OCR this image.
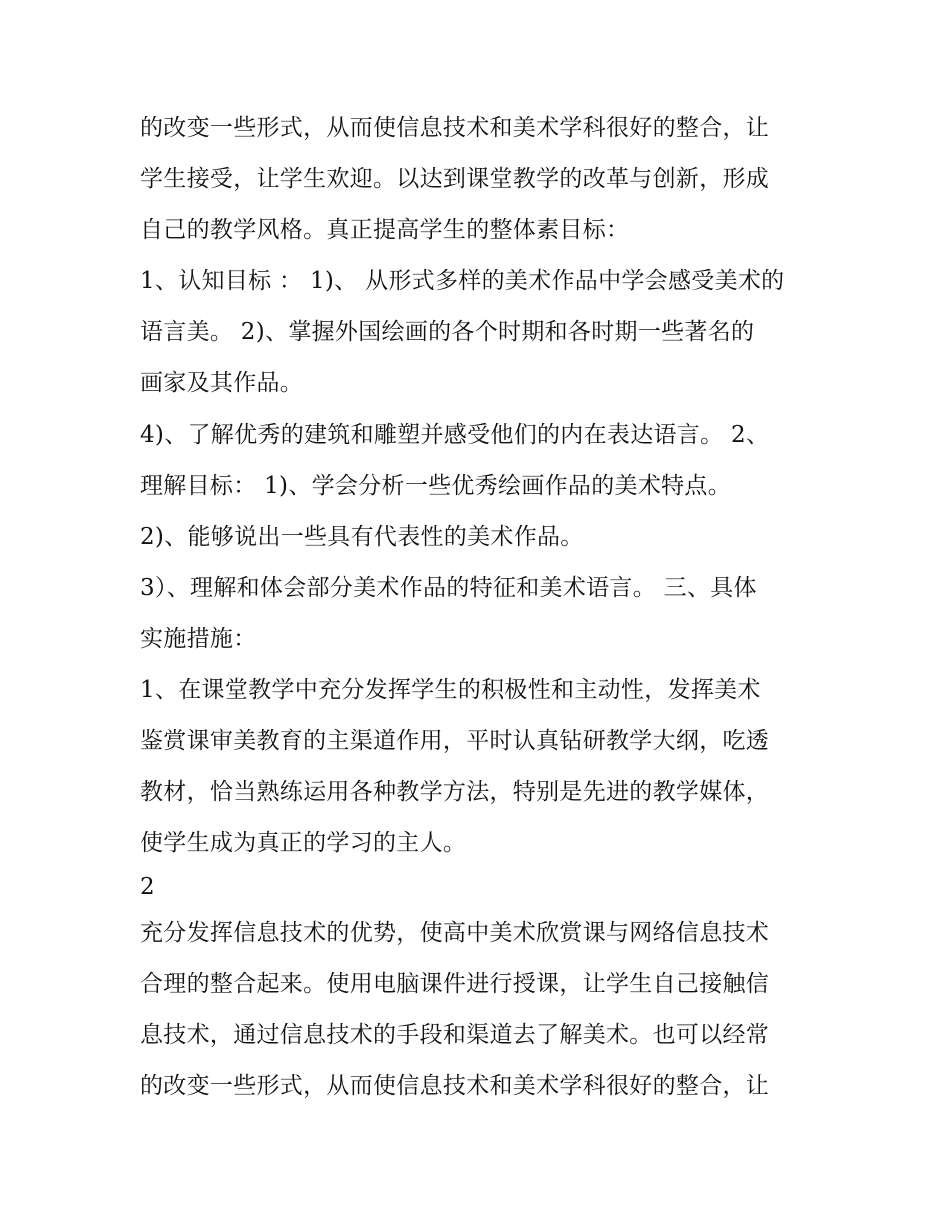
的改变一些形式，从而使信息技术和美术学科很好的整合，让
学生接受，让学生欢迎。以达到课堂教学的改革与创新，形成
自己的教学风格。真正提高学生的整体素目标：
1、认知目标 ： 1)、 从形式多样的美术作品中学会感受美术的
语言美。 2)、掌握外国绘画的各个时期和各时期一些著名的
画家及其作品。
4)、了解优秀的建筑和雕塑并感受他们的内在表达语言。 2、
理解目标： 1)、学会分析一些优秀绘画作品的美术特点。
2)、能够说出一些具有代表性的美术作品。
3）、理解和体会部分美术作品的特征和美术语言。 三、具体
实施措施：
1、在课堂教学中充分发挥学生的积极性和主动性，发挥美术
鉴赏课审美教育的主渠道作用，平时认真钻研教学大纲，吃透
教材，恰当熟练运用各种教学方法，特别是先进的教学媒体，
使学生成为真正的学习的主人。
2
充分发挥信息技术的优势，使高中美术欣赏课与网络信息技术
合理的整合起来。使用电脑课件进行授课，让学生自己接触信
息技术，通过信息技术的手段和渠道去了解美术。也可以经常
的改变一些形式，从而使信息技术和美术学科很好的整合，让
